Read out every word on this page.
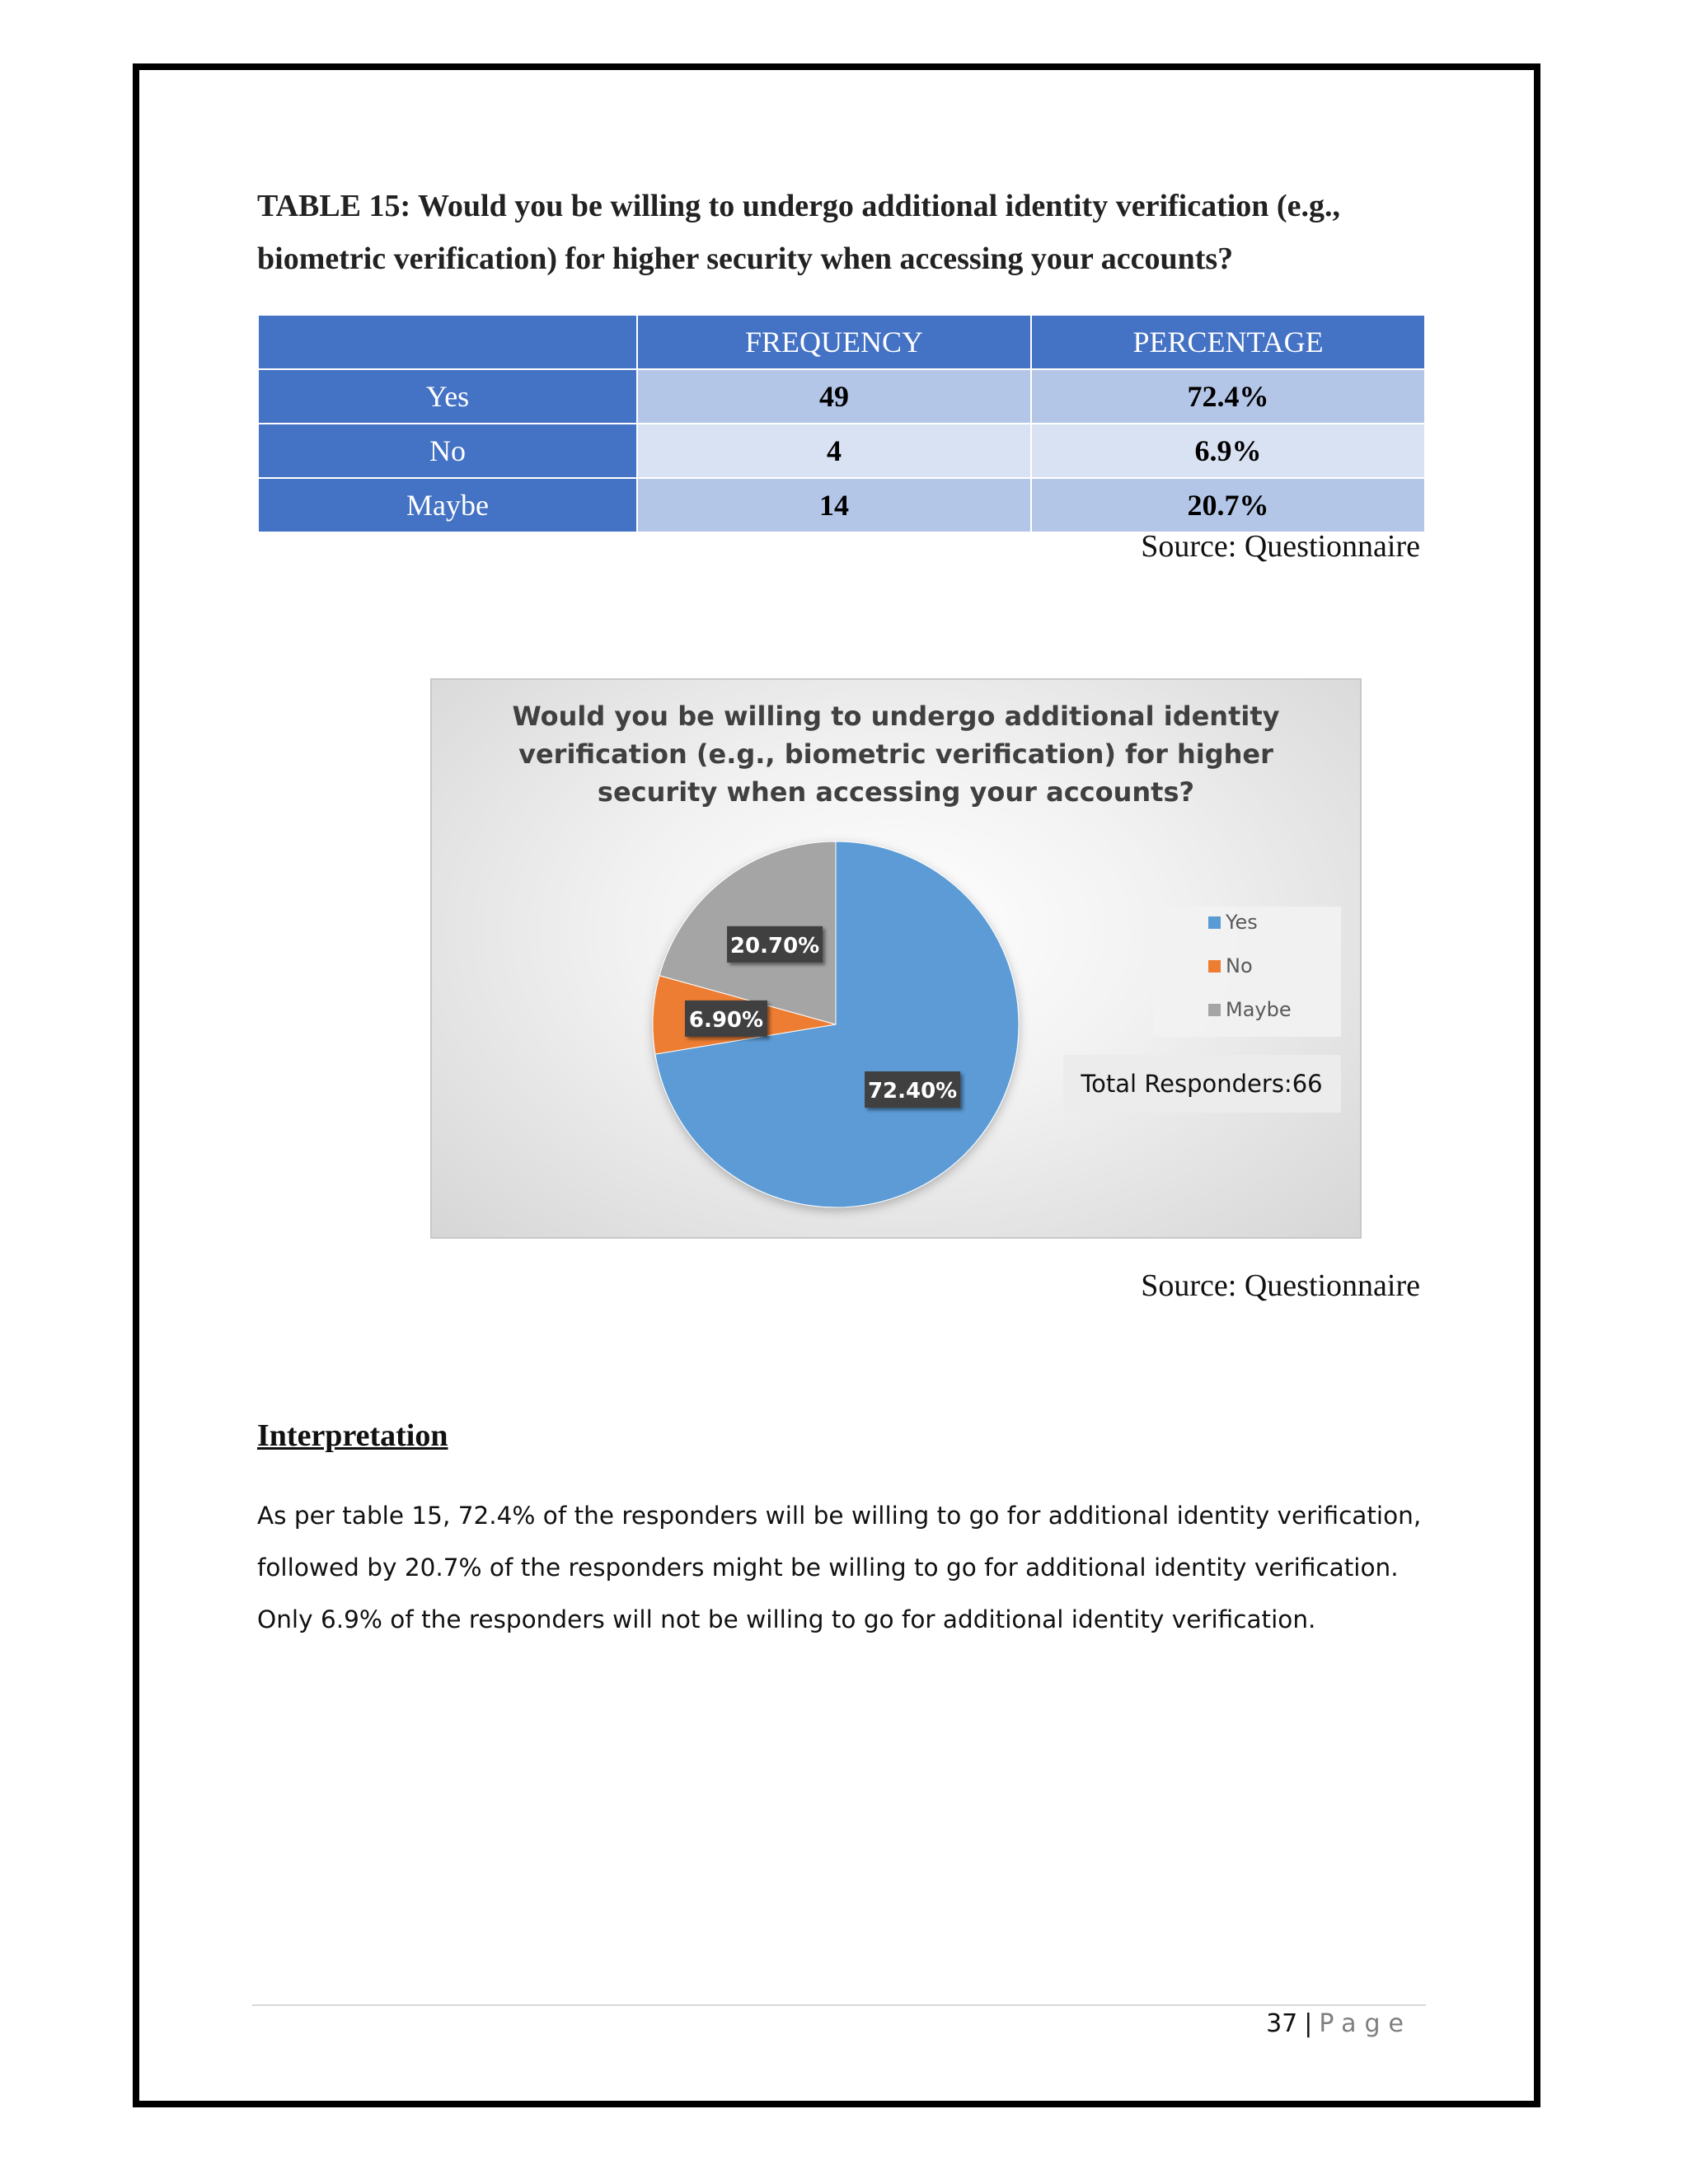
TABLE 15: Would you be willing to undergo additional identity verification (e.g., biometric verification) for higher security when accessing your accounts?

	FREQUENCY	PERCENTAGE
Yes	49	72.4%
No	4	6.9%
Maybe	14	20.7%
Source: Questionnaire
Would you be willing to undergo additional identity
verification (e.g., biometric verification) for higher
security when accessing your accounts?
72.40%
6.90%
20.70%
Yes
No
Maybe
Total Responders:66
Source: Questionnaire
Interpretation

As per table 15, 72.4% of the responders will be willing to go for additional identity verification, followed by 20.7% of the responders might be willing to go for additional identity verification. Only 6.9% of the responders will not be willing to go for additional identity verification.

37 | Page
